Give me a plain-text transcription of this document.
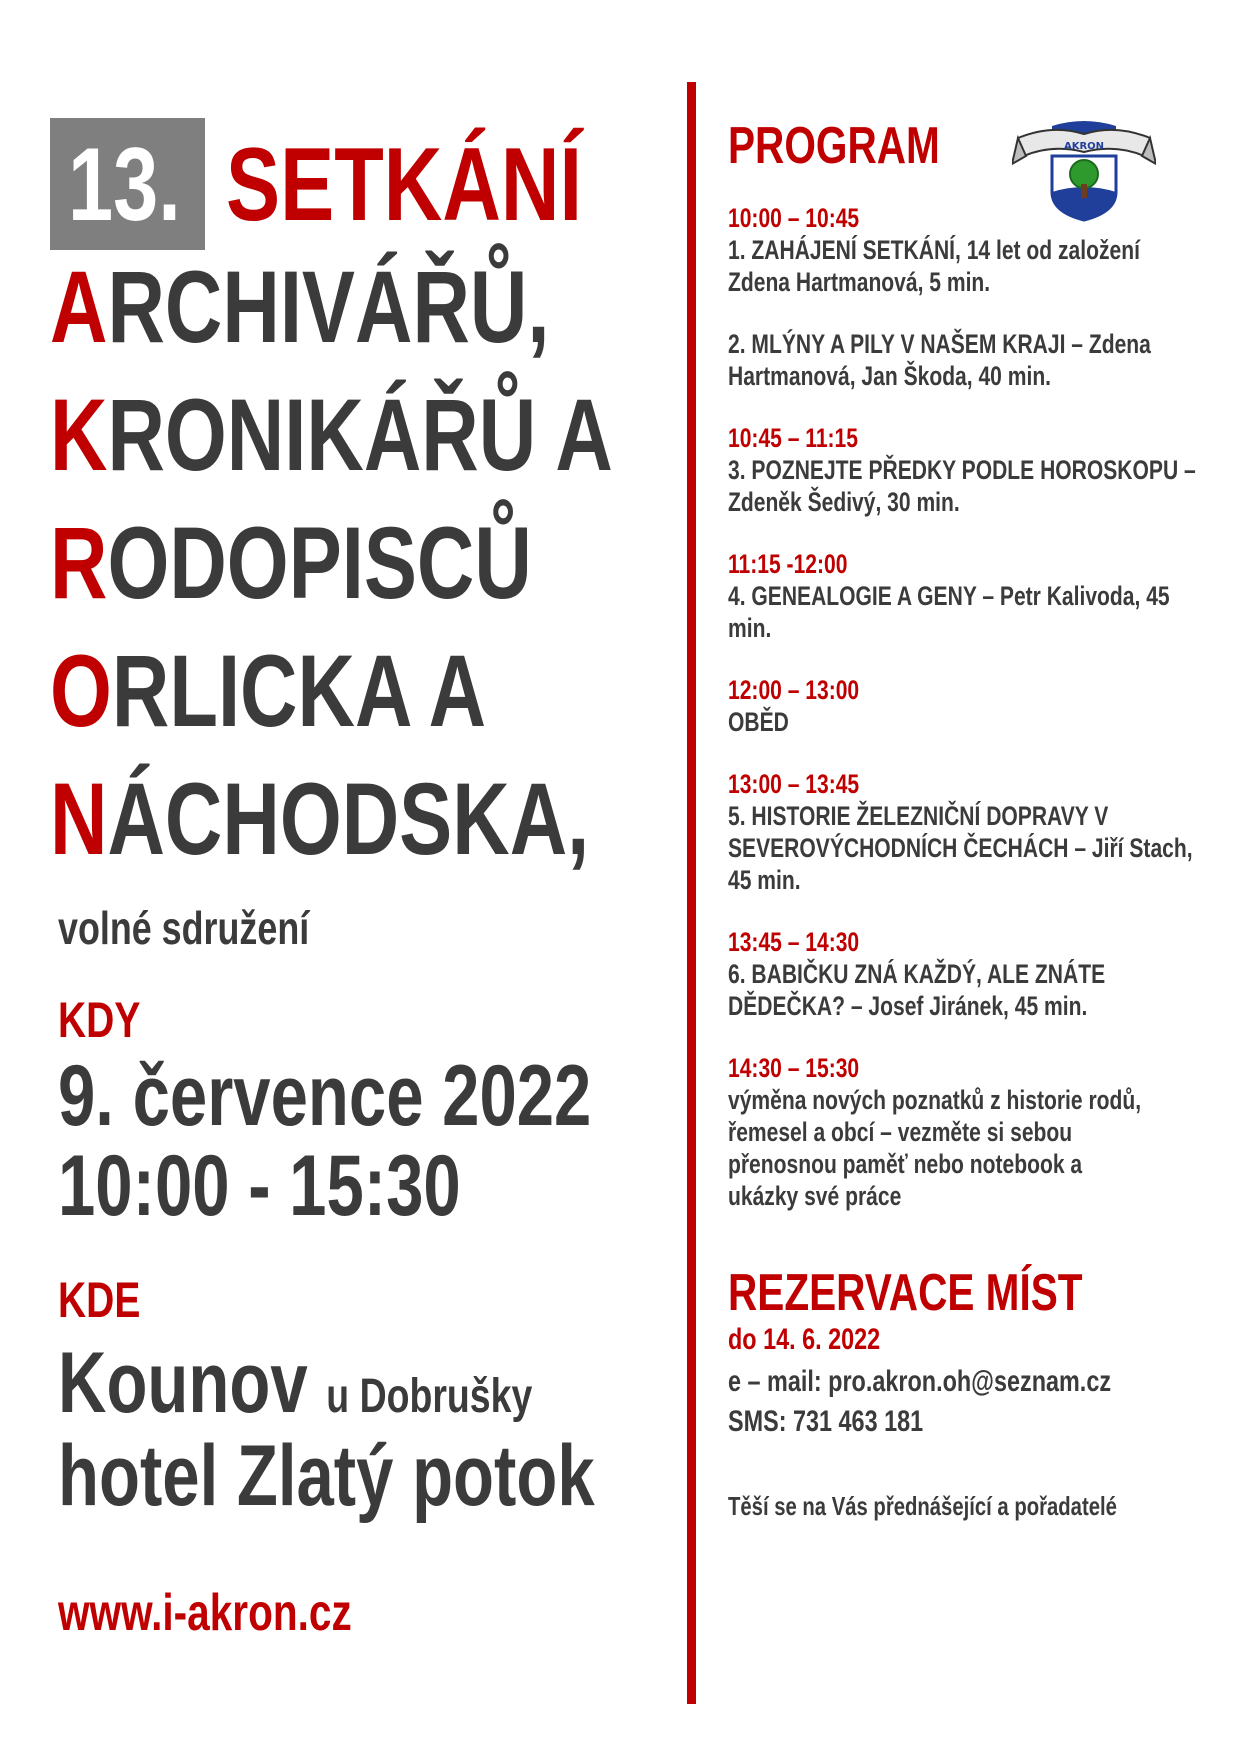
13. SETKÁNÍ
ARCHIVÁŘŮ,
KRONIKÁŘŮ A
RODOPISCŮ
ORLICKA A
NÁCHODSKA,
volné sdružení
KDY
9. července 2022
10:00 - 15:30
KDE
Kounov u Dobrušky
hotel Zlatý potok
www.i-akron.cz
PROGRAM	AKRON
10:00 – 10:45
1. ZAHÁJENÍ SETKÁNÍ, 14 let od založení
Zdena Hartmanová, 5 min.
2. MLÝNY A PILY V NAŠEM KRAJI – Zdena
Hartmanová, Jan Škoda, 40 min.
10:45 – 11:15
3. POZNEJTE PŘEDKY PODLE HOROSKOPU –
Zdeněk Šedivý, 30 min.
11:15 -12:00
4. GENEALOGIE A GENY – Petr Kalivoda, 45
min.
12:00 – 13:00
OBĚD
13:00 – 13:45
5. HISTORIE ŽELEZNIČNÍ DOPRAVY V
SEVEROVÝCHODNÍCH ČECHÁCH – Jiří Stach,
45 min.
13:45 – 14:30
6. BABIČKU ZNÁ KAŽDÝ, ALE ZNÁTE
DĚDEČKA? – Josef Jiránek, 45 min.
14:30 – 15:30
výměna nových poznatků z historie rodů,
řemesel a obcí – vezměte si sebou
přenosnou paměť nebo notebook a
ukázky své práce
REZERVACE MÍST
do 14. 6. 2022
e – mail: pro.akron.oh@seznam.cz
SMS: 731 463 181
Těší se na Vás přednášející a pořadatelé
